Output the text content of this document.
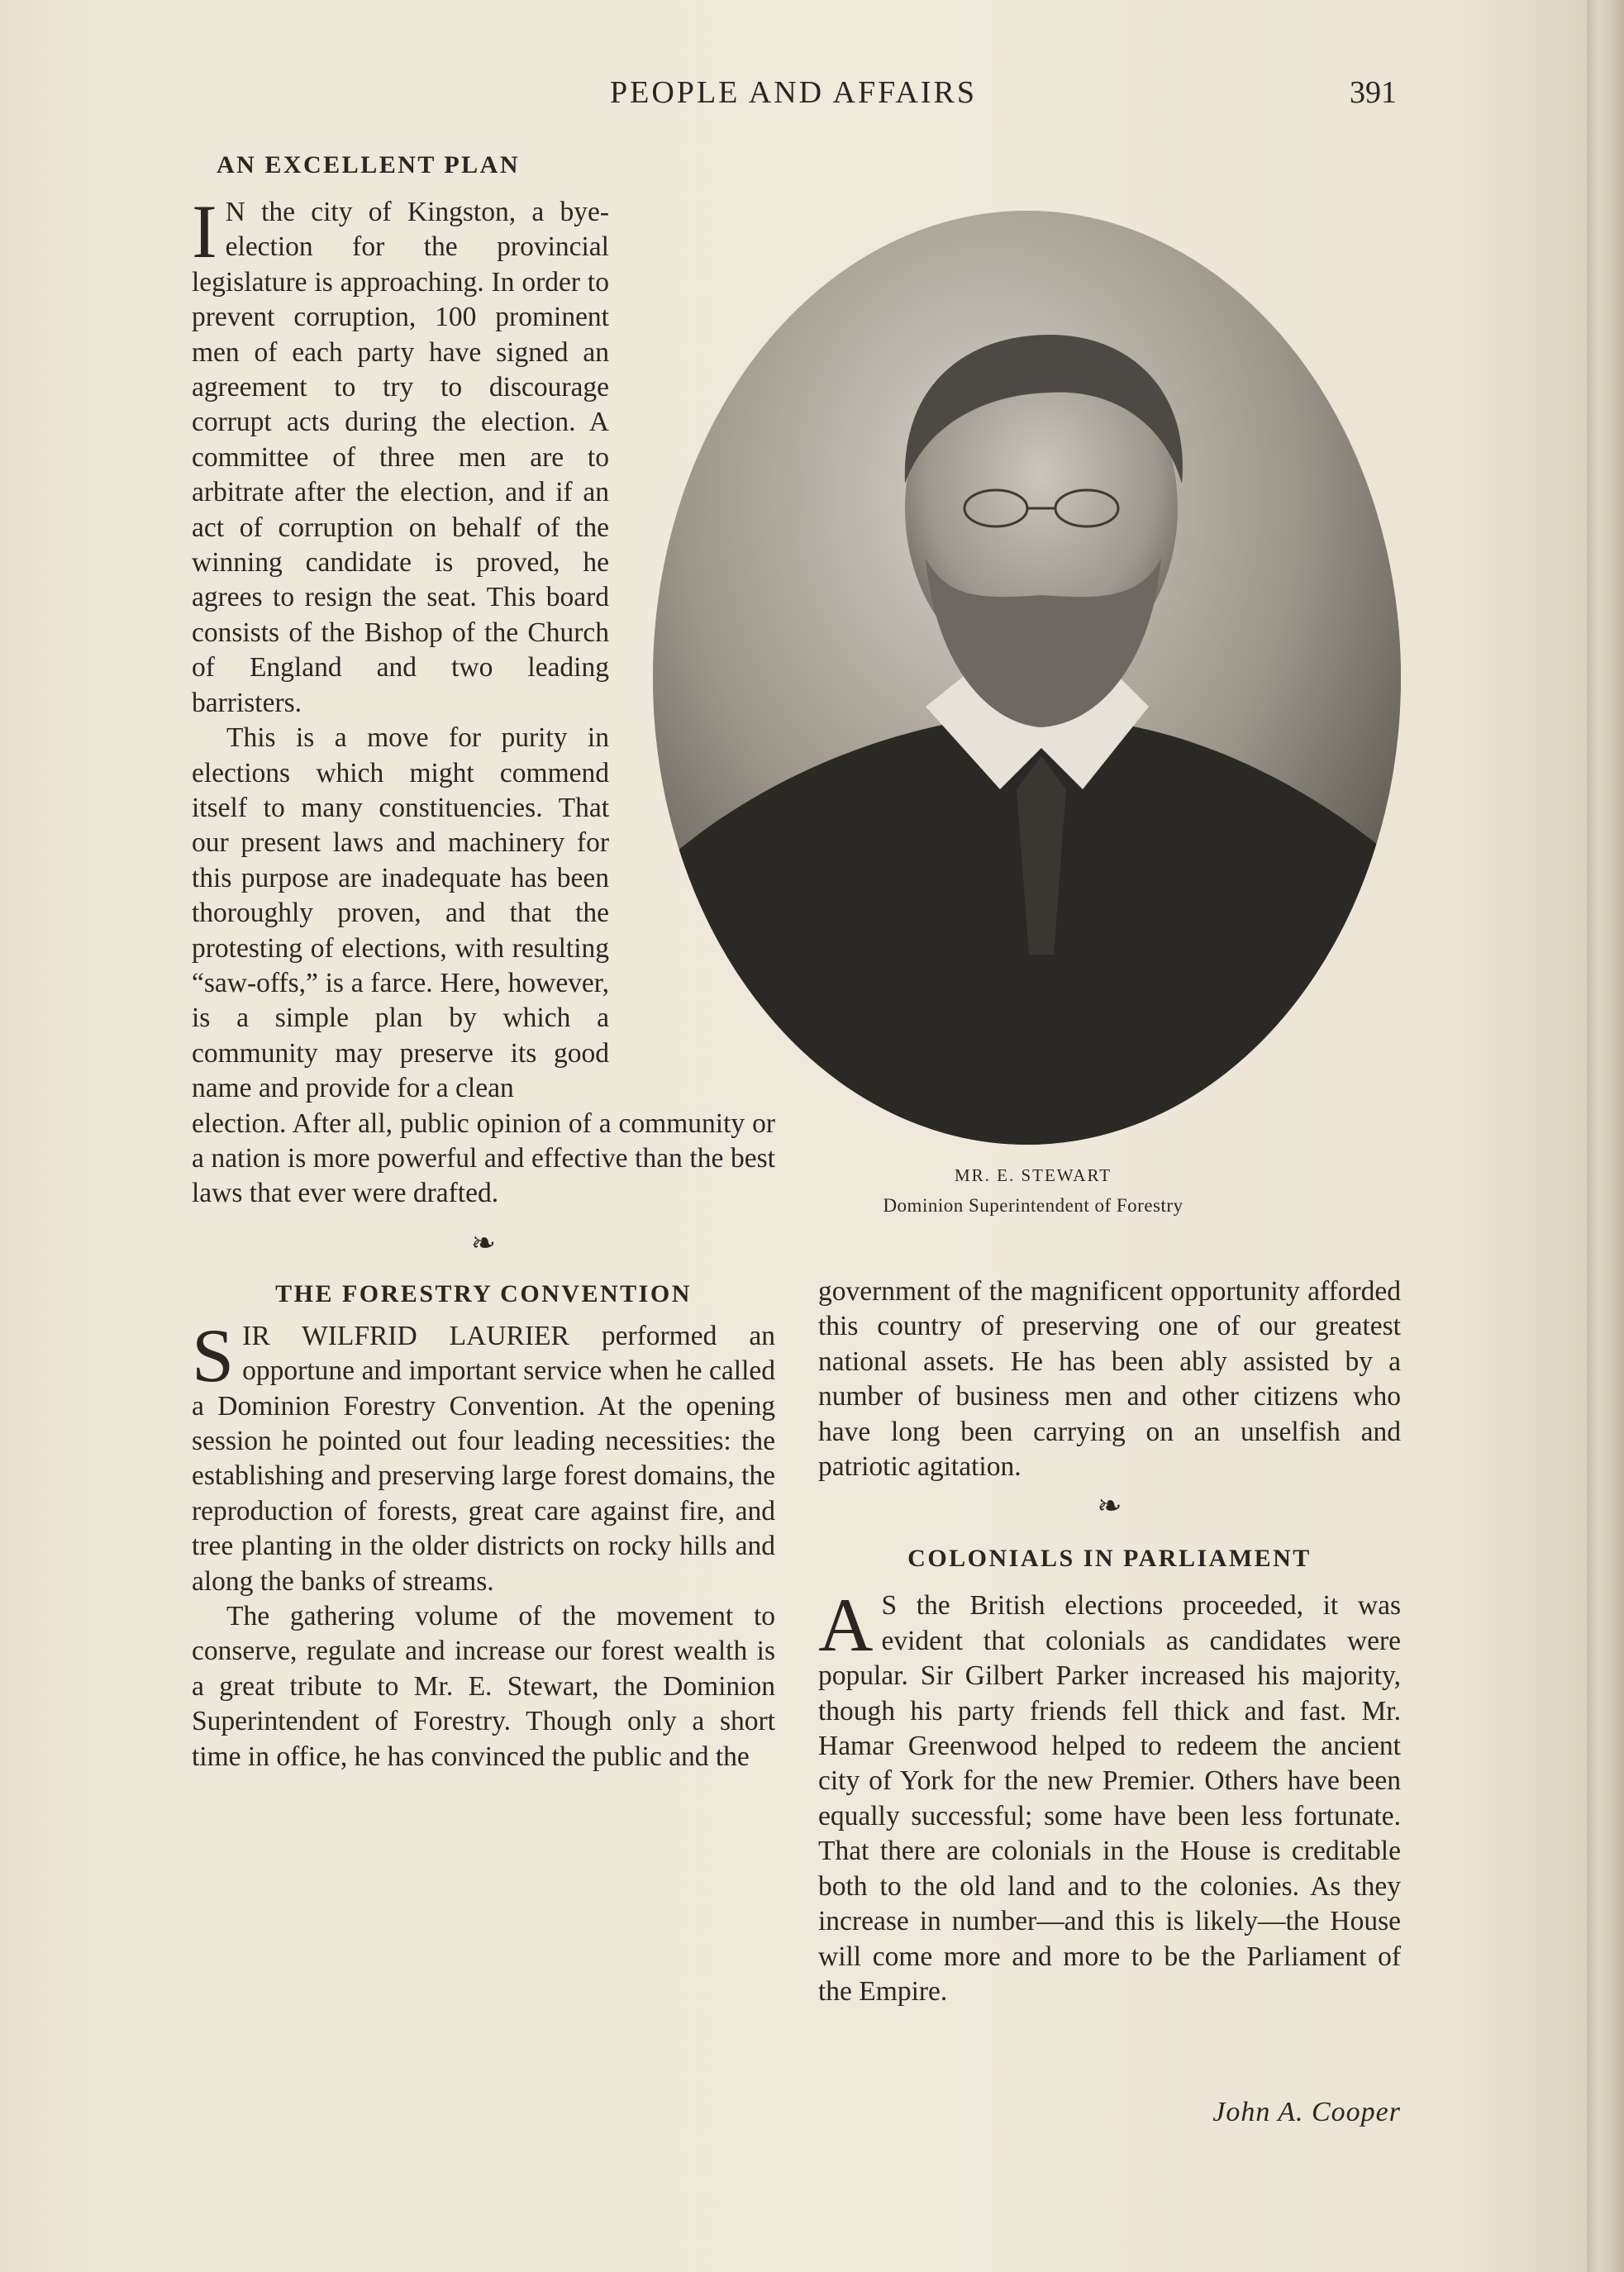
PEOPLE AND AFFAIRS	391
MR. E. STEWART
Dominion Superintendent of Forestry
AN EXCELLENT PLAN

I N the city of Kingston, a bye-election for the provincial legislature is approaching. In order to prevent corruption, 100 prominent men of each party have signed an agreement to try to discourage corrupt acts during the election. A committee of three men are to arbitrate after the election, and if an act of corruption on behalf of the winning candidate is proved, he agrees to resign the seat. This board consists of the Bishop of the Church of England and two leading barristers.

This is a move for purity in elections which might commend itself to many constituencies. That our present laws and machinery for this purpose are inadequate has been thoroughly proven, and that the protesting of elections, with resulting “saw-offs,” is a farce. Here, however, is a simple plan by which a community may preserve its good name and provide for a clean

election. After all, public opinion of a community or a nation is more powerful and effective than the best laws that ever were drafted.

❧
THE FORESTRY CONVENTION

SIR WILFRID LAURIER performed an opportune and important service when he called a Dominion Forestry Convention. At the opening session he pointed out four leading necessities: the establishing and preserving large forest domains, the reproduction of forests, great care against fire, and tree planting in the older districts on rocky hills and along the banks of streams.

The gathering volume of the movement to conserve, regulate and increase our forest wealth is a great tribute to Mr. E. Stewart, the Dominion Superintendent of Forestry. Though only a short time in office, he has convinced the public and the

government of the magnificent opportunity afforded this country of preserving one of our greatest national assets. He has been ably assisted by a number of business men and other citizens who have long been carrying on an unselfish and patriotic agitation.

❧
COLONIALS IN PARLIAMENT

A S the British elections proceeded, it was evident that colonials as candidates were popular. Sir Gilbert Parker increased his majority, though his party friends fell thick and fast. Mr. Hamar Greenwood helped to redeem the ancient city of York for the new Premier. Others have been equally successful; some have been less fortunate. That there are colonials in the House is creditable both to the old land and to the colonies. As they increase in number—and this is likely—the House will come more and more to be the Parliament of the Empire.

John A. Cooper
